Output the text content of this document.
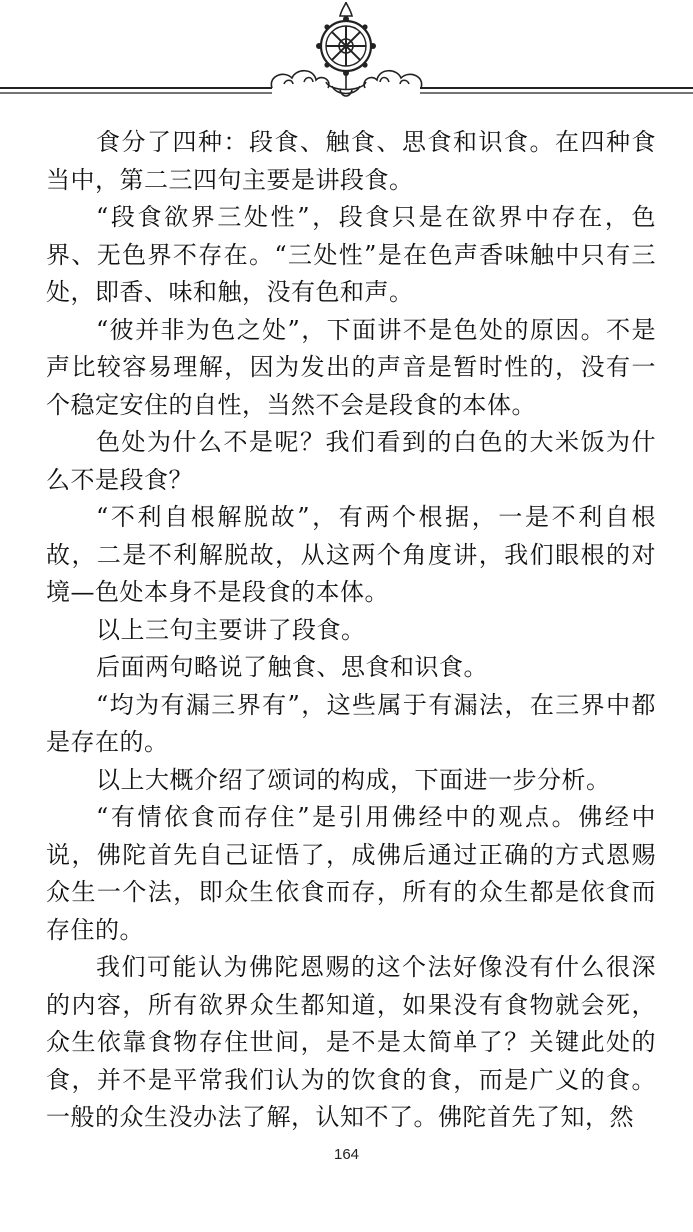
食分了四种：段食、触食、思食和识食。在四种食当中，第二三四句主要是讲段食。

“段食欲界三处性”，段食只是在欲界中存在，色界、无色界不存在。“三处性”是在色声香味触中只有三处，即香、味和触，没有色和声。

“彼并非为色之处”，下面讲不是色处的原因。不是声比较容易理解，因为发出的声音是暂时性的，没有一个稳定安住的自性，当然不会是段食的本体。

色处为什么不是呢？我们看到的白色的大米饭为什么不是段食？

“不利自根解脱故”，有两个根据，一是不利自根故，二是不利解脱故，从这两个角度讲，我们眼根的对境—色处本身不是段食的本体。

以上三句主要讲了段食。

后面两句略说了触食、思食和识食。

“均为有漏三界有”，这些属于有漏法，在三界中都是存在的。

以上大概介绍了颂词的构成，下面进一步分析。

“有情依食而存住”是引用佛经中的观点。佛经中说，佛陀首先自己证悟了，成佛后通过正确的方式恩赐众生一个法，即众生依食而存，所有的众生都是依食而存住的。

我们可能认为佛陀恩赐的这个法好像没有什么很深的内容，所有欲界众生都知道，如果没有食物就会死，众生依靠食物存住世间，是不是太简单了？关键此处的食，并不是平常我们认为的饮食的食，而是广义的食。一般的众生没办法了解，认知不了。佛陀首先了知，然

164
